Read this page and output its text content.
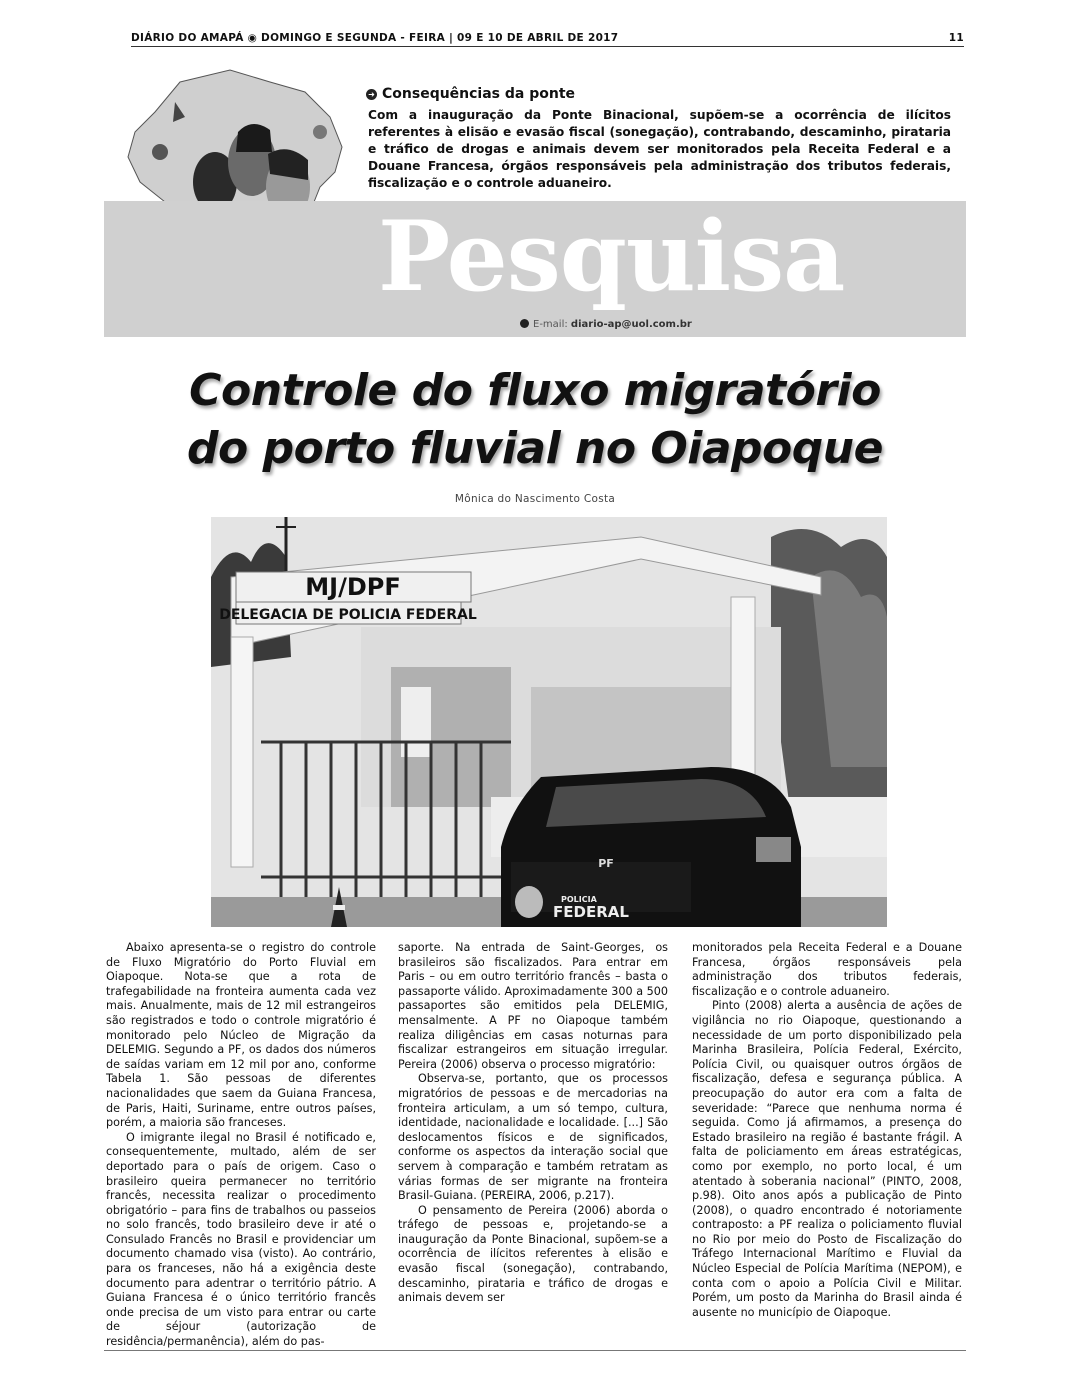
DIÁRIO DO AMAPÁ ◉ DOMINGO E SEGUNDA - FEIRA | 09 E 10 DE ABRIL DE 2017	11
➜ Consequências da ponte
Com a inauguração da Ponte Binacional, supõem-se a ocorrência de ilícitos referentes à elisão e evasão fiscal (sonegação), contrabando, descaminho, pirataria e tráfico de drogas e animais devem ser monitorados pela Receita Federal e a Douane Francesa, órgãos responsáveis pela administração dos tributos federais, fiscalização e o controle aduaneiro.
Pesquisa
E-mail: diario-ap@uol.com.br
Controle do fluxo migratório
do porto fluvial no Oiapoque
Mônica do Nascimento Costa
MJ/DPF
DELEGACIA DE POLICIA FEDERAL
PF
POLICIA
FEDERAL

Abaixo apresenta-se o registro do controle de Fluxo Migratório do Porto Fluvial em Oiapoque. Nota-se que a rota de trafegabilidade na fronteira aumenta cada vez mais. Anualmente, mais de 12 mil estrangeiros são registrados e todo o controle migratório é monitorado pelo Núcleo de Migração da DELEMIG. Segundo a PF, os dados dos números de saídas variam em 12 mil por ano, conforme Tabela 1. São pessoas de diferentes nacionalidades que saem da Guiana Francesa, de Paris, Haiti, Suriname, entre outros países, porém, a maioria são franceses.

O imigrante ilegal no Brasil é notificado e, consequentemente, multado, além de ser deportado para o país de origem. Caso o brasileiro queira permanecer no território francês, necessita realizar o procedimento obrigatório – para fins de trabalhos ou passeios no solo francês, todo brasileiro deve ir até o Consulado Francês no Brasil e providenciar um documento chamado visa (visto). Ao contrário, para os franceses, não há a exigência deste documento para adentrar o território pátrio. A Guiana Francesa é o único território francês onde precisa de um visto para entrar ou carte de séjour (autorização de residência/permanência), além do pas-

saporte. Na entrada de Saint-Georges, os brasileiros são fiscalizados. Para entrar em Paris – ou em outro território francês – basta o passaporte válido. Aproximadamente 300 a 500 passaportes são emitidos pela DELEMIG, mensalmente. A PF no Oiapoque também realiza diligências em casas noturnas para fiscalizar estrangeiros em situação irregular. Pereira (2006) observa o processo migratório:

Observa-se, portanto, que os processos migratórios de pessoas e de mercadorias na fronteira articulam, a um só tempo, cultura, identidade, nacionalidade e localidade. [...] São deslocamentos físicos e de significados, conforme os aspectos da interação social que servem à comparação e também retratam as várias formas de ser migrante na fronteira Brasil-Guiana. (PEREIRA, 2006, p.217).

O pensamento de Pereira (2006) aborda o tráfego de pessoas e, projetando-se a inauguração da Ponte Binacional, supõem-se a ocorrência de ilícitos referentes à elisão e evasão fiscal (sonegação), contrabando, descaminho, pirataria e tráfico de drogas e animais devem ser

monitorados pela Receita Federal e a Douane Francesa, órgãos responsáveis pela administração dos tributos federais, fiscalização e o controle aduaneiro.

Pinto (2008) alerta a ausência de ações de vigilância no rio Oiapoque, questionando a necessidade de um porto disponibilizado pela Marinha Brasileira, Polícia Federal, Exército, Polícia Civil, ou quaisquer outros órgãos de fiscalização, defesa e segurança pública. A preocupação do autor era com a falta de severidade: “Parece que nenhuma norma é seguida. Como já afirmamos, a presença do Estado brasileiro na região é bastante frágil. A falta de policiamento em áreas estratégicas, como por exemplo, no porto local, é um atentado à soberania nacional” (PINTO, 2008, p.98). Oito anos após a publicação de Pinto (2008), o quadro encontrado é notoriamente contraposto: a PF realiza o policiamento fluvial no Rio por meio do Posto de Fiscalização do Tráfego Internacional Marítimo e Fluvial da Núcleo Especial de Polícia Marítima (NEPOM), e conta com o apoio a Polícia Civil e Militar. Porém, um posto da Marinha do Brasil ainda é ausente no município de Oiapoque.
